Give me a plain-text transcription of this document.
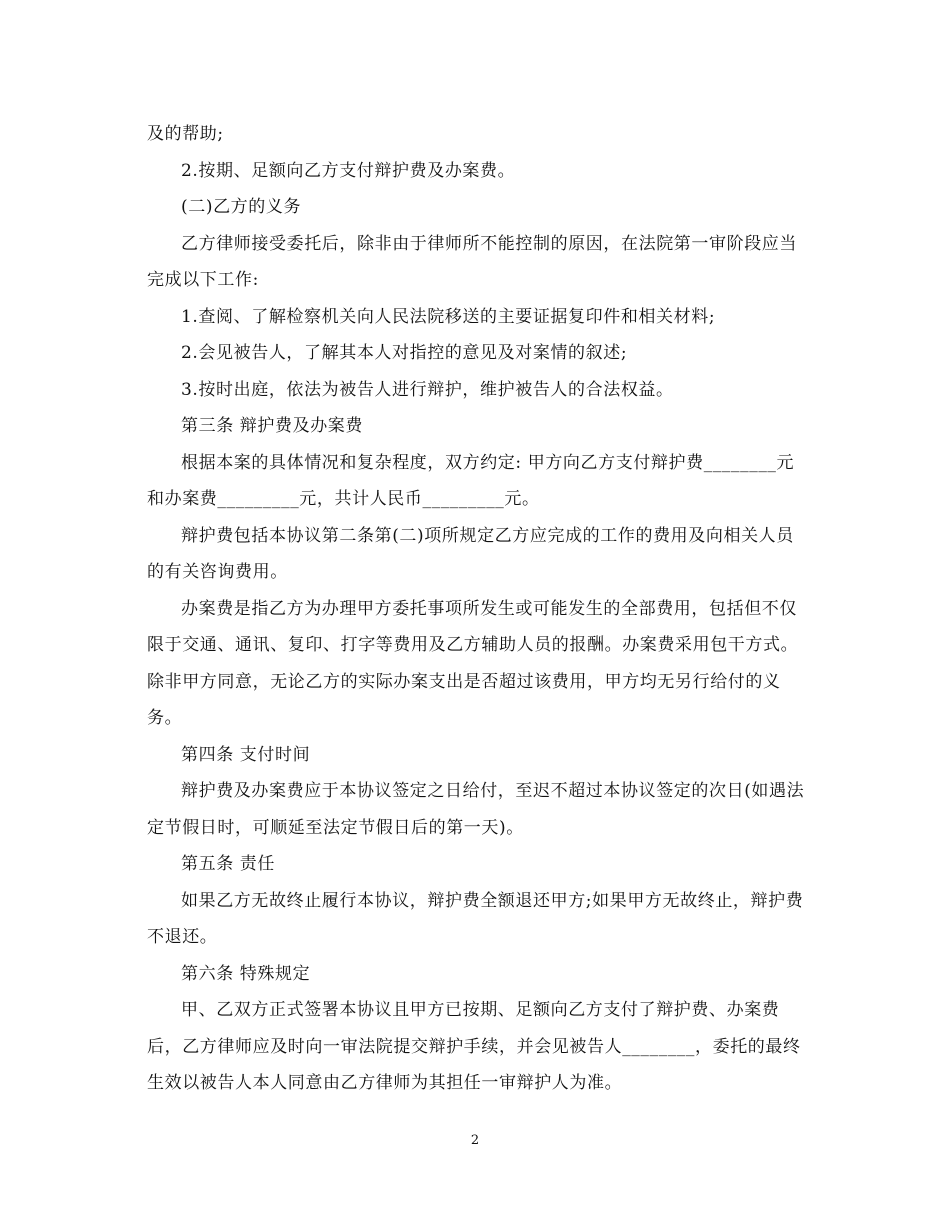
及的帮助;

2.按期、足额向乙方支付辩护费及办案费。

(二)乙方的义务

乙方律师接受委托后，除非由于律师所不能控制的原因，在法院第一审阶段应当完成以下工作:

1.查阅、了解检察机关向人民法院移送的主要证据复印件和相关材料;

2.会见被告人，了解其本人对指控的意见及对案情的叙述;

3.按时出庭，依法为被告人进行辩护，维护被告人的合法权益。

第三条 辩护费及办案费

根据本案的具体情况和复杂程度，双方约定: 甲方向乙方支付辩护费________元和办案费_________元，共计人民币_________元。

辩护费包括本协议第二条第(二)项所规定乙方应完成的工作的费用及向相关人员的有关咨询费用。

办案费是指乙方为办理甲方委托事项所发生或可能发生的全部费用，包括但不仅限于交通、通讯、复印、打字等费用及乙方辅助人员的报酬。办案费采用包干方式。除非甲方同意，无论乙方的实际办案支出是否超过该费用，甲方均无另行给付的义务。

第四条 支付时间

辩护费及办案费应于本协议签定之日给付，至迟不超过本协议签定的次日(如遇法定节假日时，可顺延至法定节假日后的第一天)。

第五条 责任

如果乙方无故终止履行本协议，辩护费全额退还甲方;如果甲方无故终止，辩护费不退还。

第六条 特殊规定

甲、乙双方正式签署本协议且甲方已按期、足额向乙方支付了辩护费、办案费后，乙方律师应及时向一审法院提交辩护手续，并会见被告人________，委托的最终生效以被告人本人同意由乙方律师为其担任一审辩护人为准。

2
